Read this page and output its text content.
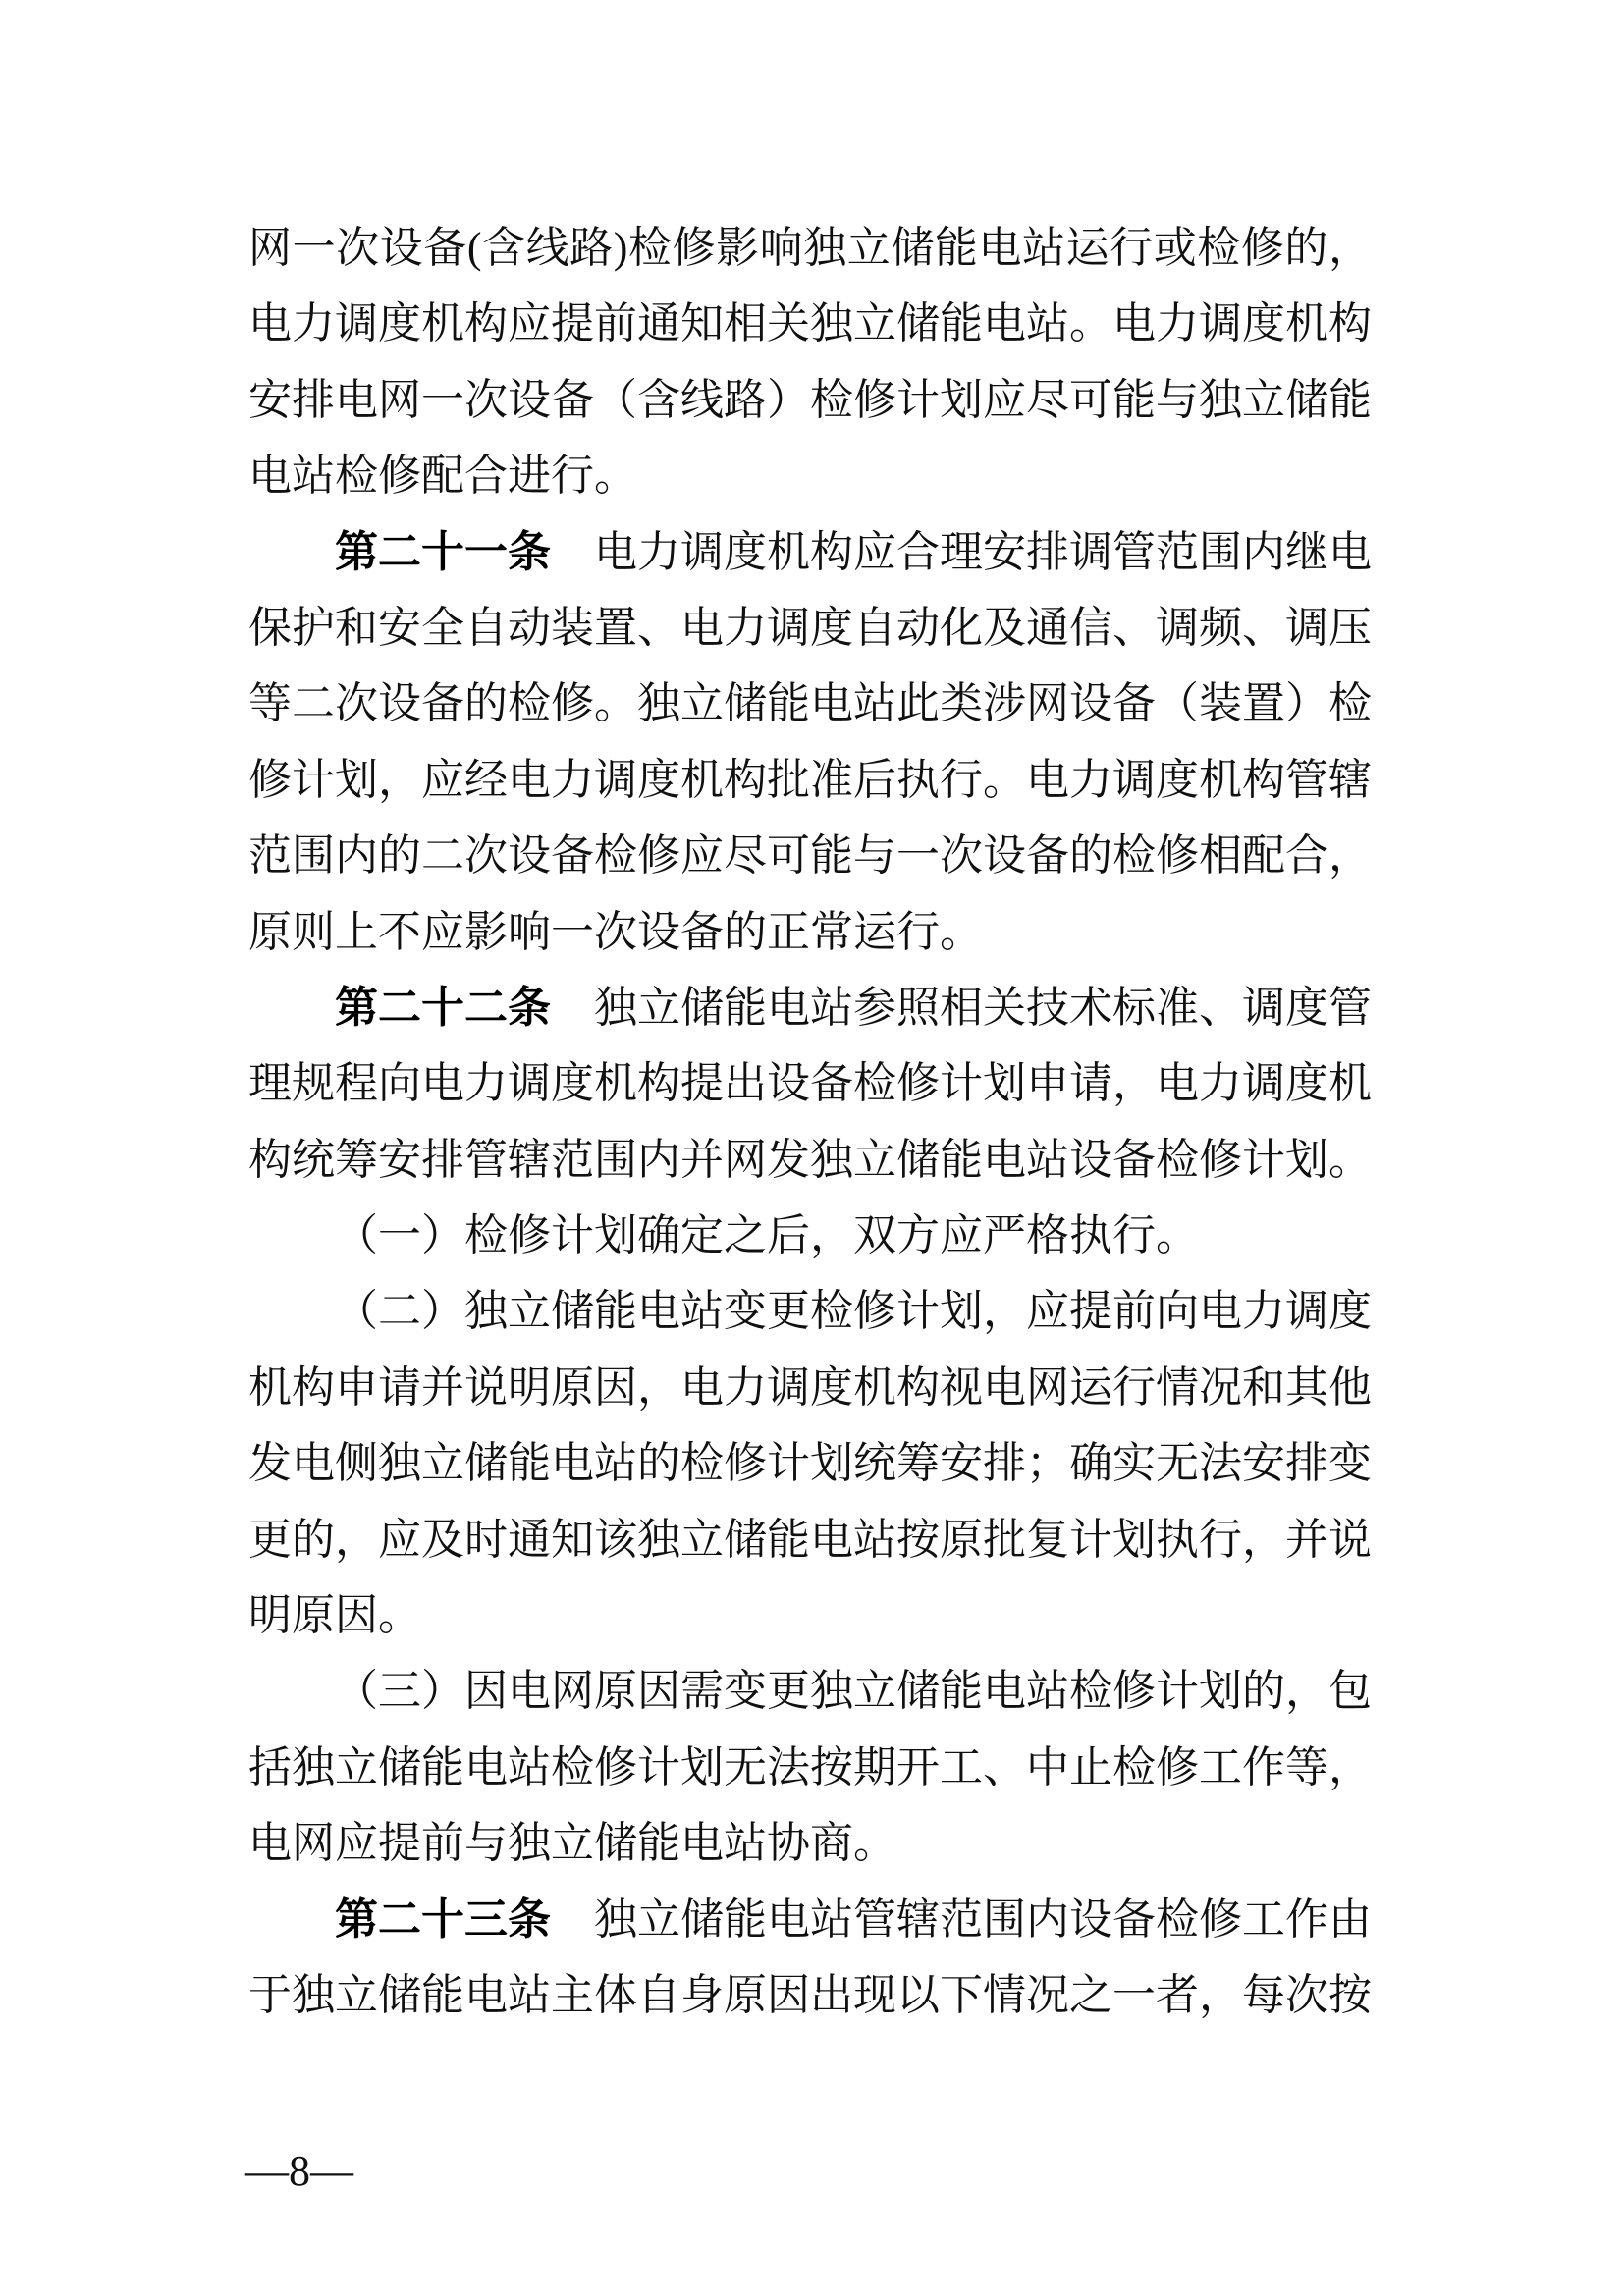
网一次设备(含线路)检修影响独立储能电站运行或检修的，
电力调度机构应提前通知相关独立储能电站。电力调度机构
安排电网一次设备（含线路）检修计划应尽可能与独立储能
电站检修配合进行。
第二十一条 电力调度机构应合理安排调管范围内继电
保护和安全自动装置、电力调度自动化及通信、调频、调压
等二次设备的检修。独立储能电站此类涉网设备（装置）检
修计划，应经电力调度机构批准后执行。电力调度机构管辖
范围内的二次设备检修应尽可能与一次设备的检修相配合，
原则上不应影响一次设备的正常运行。
第二十二条 独立储能电站参照相关技术标准、调度管
理规程向电力调度机构提出设备检修计划申请，电力调度机
构统筹安排管辖范围内并网发独立储能电站设备检修计划。
（一）检修计划确定之后，双方应严格执行。
（二）独立储能电站变更检修计划，应提前向电力调度
机构申请并说明原因，电力调度机构视电网运行情况和其他
发电侧独立储能电站的检修计划统筹安排；确实无法安排变
更的，应及时通知该独立储能电站按原批复计划执行，并说
明原因。
（三）因电网原因需变更独立储能电站检修计划的，包
括独立储能电站检修计划无法按期开工、中止检修工作等，
电网应提前与独立储能电站协商。
第二十三条 独立储能电站管辖范围内设备检修工作由
于独立储能电站主体自身原因出现以下情况之一者，每次按
—8—
